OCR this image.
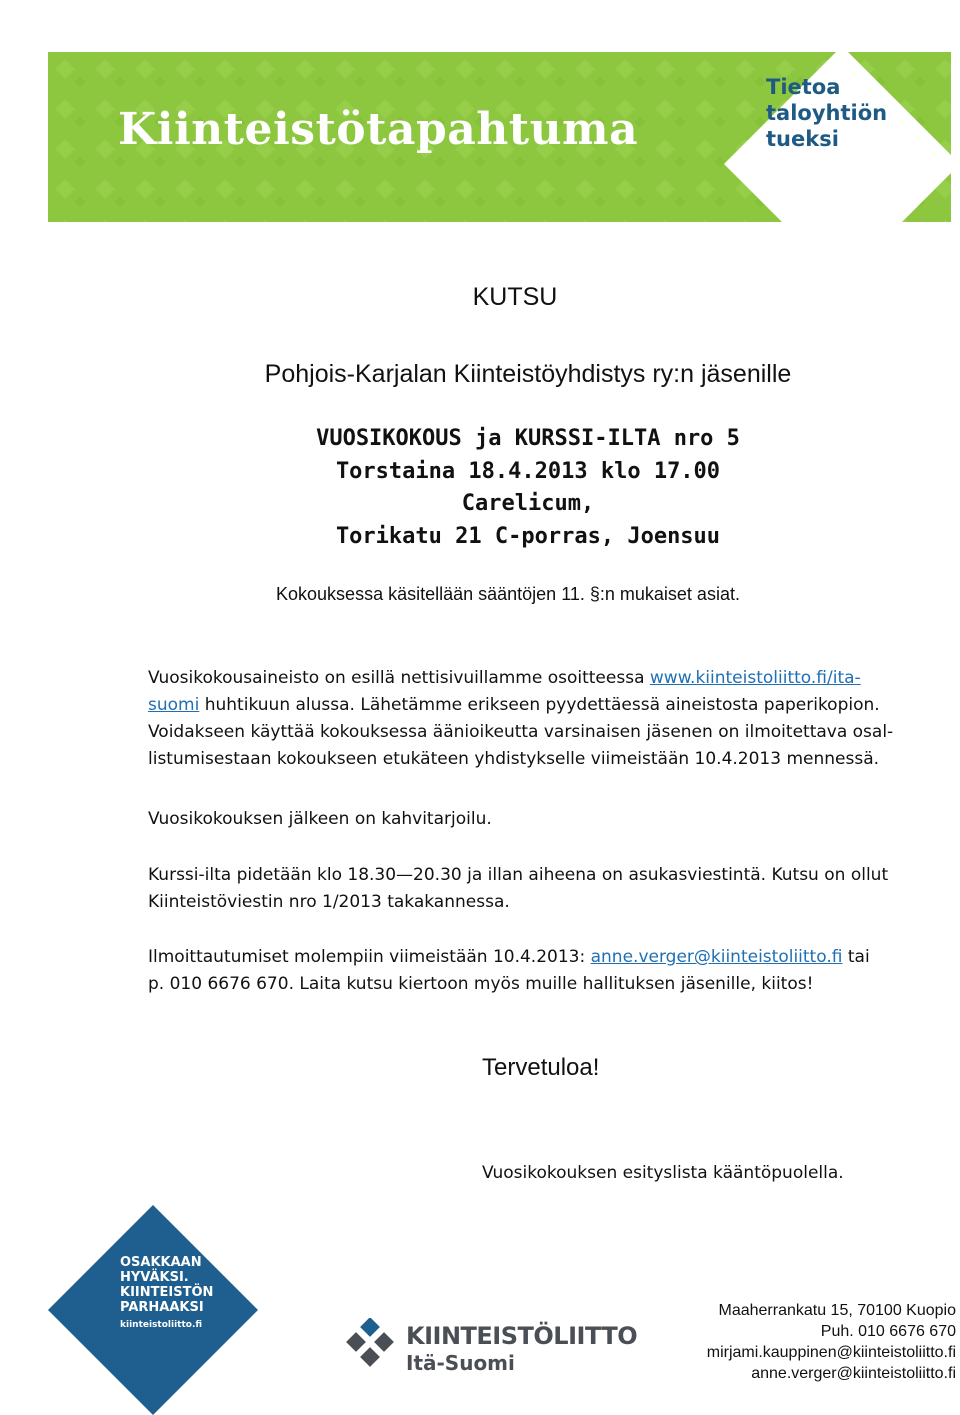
Kiinteistötapahtuma
Tietoa
taloyhtiön
tueksi
KUTSU
Pohjois-Karjalan Kiinteistöyhdistys ry:n jäsenille
VUOSIKOKOUS ja KURSSI-ILTA nro 5
Torstaina 18.4.2013 klo 17.00
Carelicum,
Torikatu 21 C-porras, Joensuu
Kokouksessa käsitellään sääntöjen 11. §:n mukaiset asiat.
Vuosikokousaineisto on esillä nettisivuillamme osoitteessa www.kiinteistoliitto.fi/ita-
suomi huhtikuun alussa. Lähetämme erikseen pyydettäessä aineistosta paperikopion.
Voidakseen käyttää kokouksessa äänioikeutta varsinaisen jäsenen on ilmoitettava osal-
listumisestaan kokoukseen etukäteen yhdistykselle viimeistään 10.4.2013 mennessä.
Vuosikokouksen jälkeen on kahvitarjoilu.
Kurssi-ilta pidetään klo 18.30—20.30 ja illan aiheena on asukasviestintä. Kutsu on ollut
Kiinteistöviestin nro 1/2013 takakannessa.
Ilmoittautumiset molempiin viimeistään 10.4.2013: anne.verger@kiinteistoliitto.fi tai
p. 010 6676 670. Laita kutsu kiertoon myös muille hallituksen jäsenille, kiitos!
Tervetuloa!
Vuosikokouksen esityslista kääntöpuolella.
OSAKKAAN
HYVÄKSI.
KIINTEISTÖN
PARHAAKSI
kiinteistoliitto.fi	KIINTEISTÖLIITTO
Itä-Suomi
Maaherrankatu 15, 70100 Kuopio
Puh. 010 6676 670
mirjami.kauppinen@kiinteistoliitto.fi
anne.verger@kiinteistoliitto.fi
